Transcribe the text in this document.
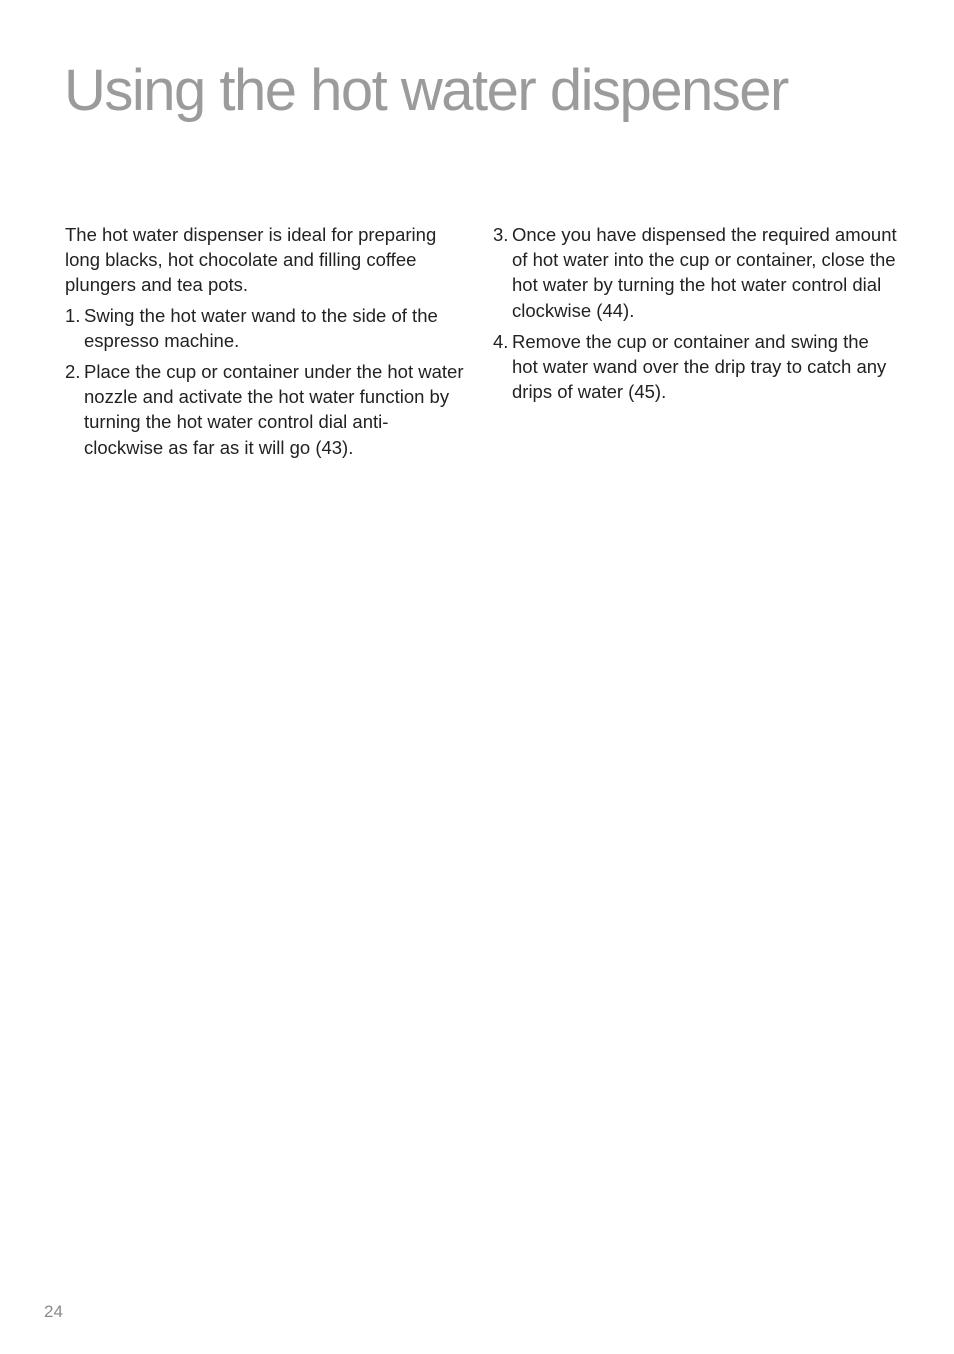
Using the hot water dispenser

The hot water dispenser is ideal for preparing long blacks, hot chocolate and filling coffee plungers and tea pots.

1. Swing the hot water wand to the side of the espresso machine.
2. Place the cup or container under the hot water nozzle and activate the hot water function by turning the hot water control dial anti-clockwise as far as it will go (43).
3. Once you have dispensed the required amount of hot water into the cup or container, close the hot water by turning the hot water control dial clockwise (44).
4. Remove the cup or container and swing the hot water wand over the drip tray to catch any drips of water (45).
24
